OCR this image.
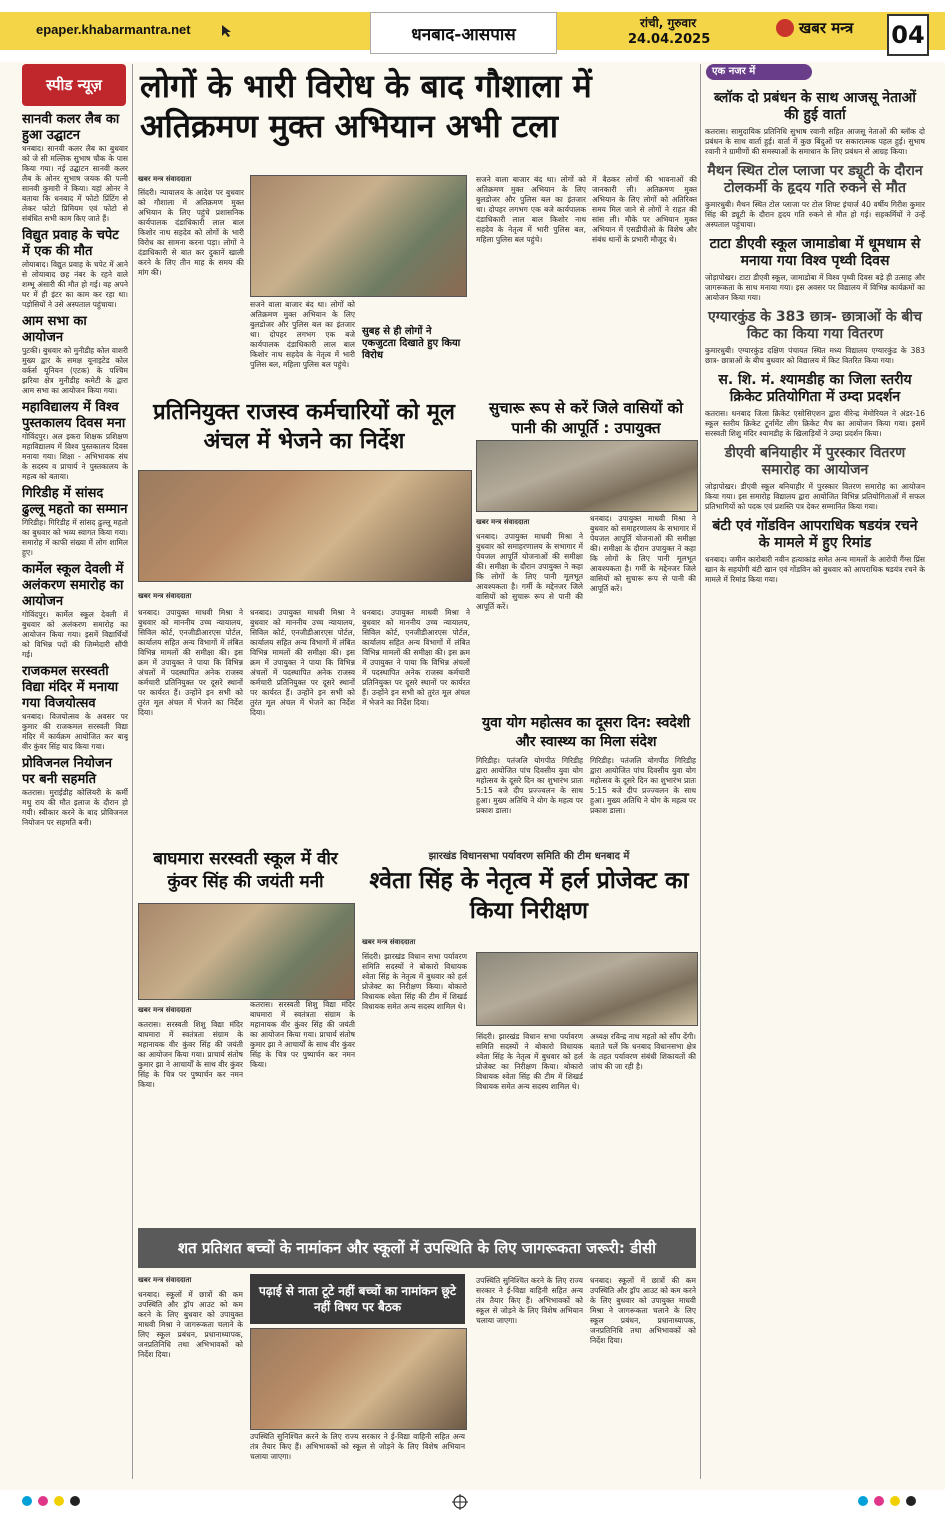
epaper.khabarmantra.net	धनबाद-आसपास
रांची, गुरुवार
24.04.2025
खबर मन्त्र 04
स्पीड न्यूज़
सानवी कलर लैब का हुआ उद्घाटन
धनबाद। सानवी कलर लैब का बुधवार को जे सी मल्लिक सुभाष चौक के पास किया गया। नई उद्घाटन सानवी कलर लैब के ओनर सुभाष जयक की पत्नी सानवी कुमारी ने किया। यहां ओनर ने बताया कि धनबाद में फोटो प्रिंटिंग से लेकर फोटो प्रिमियम एवं फोटो से संबंधित सभी काम किए जाते हैं।
विद्युत प्रवाह के चपेट में एक की मौत
लोयाबाद। विद्युत प्रवाह के चपेट में आने से लोयाबाद छह नंबर के रहने वाले शम्भू अंसारी की मौत हो गई। वह अपने घर में ही इंटर का काम कर रहा था। पड़ोसियों ने उसे अस्पताल पहुंचाया।
आम सभा का आयोजन
पुटकी। बुधवार को मुनीडीह कोल वाशरी मुख्य द्वार के समक्ष यूनाइटेड कोल वर्कर्स यूनियन (एटक) के पश्चिम झरिया क्षेत्र मुनीडीह कमेटी के द्वारा आम सभा का आयोजन किया गया।
महाविद्यालय में विश्व पुस्तकालय दिवस मना
गोविंदपुर। अल इकरा शिक्षक प्रशिक्षण महाविद्यालय में विश्व पुस्तकालय दिवस मनाया गया। शिक्षा - अभिभावक संघ के सदस्य व प्राचार्य ने पुस्तकालय के महत्व को बताया।
गिरिडीह में सांसद ढुल्लू महतो का सम्मान
गिरिडीह। गिरिडीह में सांसद ढुल्लू महतो का बुधवार को भव्य स्वागत किया गया। समारोह में काफी संख्या में लोग शामिल हुए।
कार्मेल स्कूल देवली में अलंकरण समारोह का आयोजन
गोविंदपुर। कार्मेल स्कूल देवली में बुधवार को अलंकरण समारोह का आयोजन किया गया। इसमें विद्यार्थियों को विभिन्न पदों की जिम्मेदारी सौंपी गई।
राजकमल सरस्वती विद्या मंदिर में मनाया गया विजयोत्सव
धनबाद। विजयोत्सव के अवसर पर कुमार की राजकमल सरस्वती विद्या मंदिर में कार्यक्रम आयोजित कर बाबू वीर कुंवर सिंह याद किया गया।
प्रोविजनल नियोजन पर बनी सहमति
कतरास। मुराईडीह कोलियरी के कर्मी मथु राय की मौत इलाज के दौरान हो गयी। स्वीकार करने के बाद प्रोविजनल नियोजन पर सहमति बनी।
लोगों के भारी विरोध के बाद गौशाला में अतिक्रमण मुक्त अभियान अभी टला
खबर मन्त्र संवाददाता
सिंदरी। न्यायालय के आदेश पर बुधवार को गौशाला में अतिक्रमण मुक्त अभियान के लिए पहुंचे प्रशासनिक कार्यपालक दंडाधिकारी लाल बाल किशोर नाथ सहदेव को लोगों के भारी विरोध का सामना करना पड़ा। लोगों ने दंडाधिकारी से बात कर दुकानें खाली करने के लिए तीन माह के समय की मांग की।
सजने वाला बाजार बंद था। लोगों को अतिक्रमण मुक्त अभियान के लिए बुलडोजर और पुलिस बल का इंतजार था। दोपहर लगभग एक बजे कार्यपालक दंडाधिकारी लाल बाल किशोर नाथ सहदेव के नेतृत्व में भारी पुलिस बल, महिला पुलिस बल पहुंचे।
सुबह से ही लोगों ने एकजुटता दिखाते हुए किया विरोध
सजने वाला बाजार बंद था। लोगों को अतिक्रमण मुक्त अभियान के लिए बुलडोजर और पुलिस बल का इंतजार था। दोपहर लगभग एक बजे कार्यपालक दंडाधिकारी लाल बाल किशोर नाथ सहदेव के नेतृत्व में भारी पुलिस बल, महिला पुलिस बल पहुंचे।
में बैठकर लोगों की भावनाओं की जानकारी ली। अतिक्रमण मुक्त अभियान के लिए लोगों को अतिरिक्त समय मिल जाने से लोगों ने राहत की सांस ली। मौके पर अभियान मुक्त अभियान में एसडीपीओ के विशेष और संबंध थानों के प्रभारी मौजूद थे।
प्रतिनियुक्त राजस्व कर्मचारियों को मूल अंचल में भेजने का निर्देश
खबर मन्त्र संवाददाता
धनबाद। उपायुक्त माधवी मिश्रा ने बुधवार को माननीय उच्च न्यायालय, सिविल कोर्ट, एनजीडीआरएस पोर्टल, कार्यालय सहित अन्य विभागों में लंबित विभिन्न मामलों की समीक्षा की। इस क्रम में उपायुक्त ने पाया कि विभिन्न अंचलों में पदस्थापित अनेक राजस्व कर्मचारी प्रतिनियुक्त पर दूसरे स्थानों पर कार्यरत हैं। उन्होंने इन सभी को तुरंत मूल अंचल में भेजने का निर्देश दिया।
धनबाद। उपायुक्त माधवी मिश्रा ने बुधवार को माननीय उच्च न्यायालय, सिविल कोर्ट, एनजीडीआरएस पोर्टल, कार्यालय सहित अन्य विभागों में लंबित विभिन्न मामलों की समीक्षा की। इस क्रम में उपायुक्त ने पाया कि विभिन्न अंचलों में पदस्थापित अनेक राजस्व कर्मचारी प्रतिनियुक्त पर दूसरे स्थानों पर कार्यरत हैं। उन्होंने इन सभी को तुरंत मूल अंचल में भेजने का निर्देश दिया।
धनबाद। उपायुक्त माधवी मिश्रा ने बुधवार को माननीय उच्च न्यायालय, सिविल कोर्ट, एनजीडीआरएस पोर्टल, कार्यालय सहित अन्य विभागों में लंबित विभिन्न मामलों की समीक्षा की। इस क्रम में उपायुक्त ने पाया कि विभिन्न अंचलों में पदस्थापित अनेक राजस्व कर्मचारी प्रतिनियुक्त पर दूसरे स्थानों पर कार्यरत हैं। उन्होंने इन सभी को तुरंत मूल अंचल में भेजने का निर्देश दिया।
सुचारू रूप से करें जिले वासियों को पानी की आपूर्ति : उपायुक्त
खबर मन्त्र संवाददाता
धनबाद। उपायुक्त माधवी मिश्रा ने बुधवार को समाहरणालय के सभागार में पेयजल आपूर्ति योजनाओं की समीक्षा की। समीक्षा के दौरान उपायुक्त ने कहा कि लोगों के लिए पानी मूलभूत आवश्यकता है। गर्मी के मद्देनजर जिले वासियों को सुचारू रूप से पानी की आपूर्ति करें।
धनबाद। उपायुक्त माधवी मिश्रा ने बुधवार को समाहरणालय के सभागार में पेयजल आपूर्ति योजनाओं की समीक्षा की। समीक्षा के दौरान उपायुक्त ने कहा कि लोगों के लिए पानी मूलभूत आवश्यकता है। गर्मी के मद्देनजर जिले वासियों को सुचारू रूप से पानी की आपूर्ति करें।
युवा योग महोत्सव का दूसरा दिन: स्वदेशी और स्वास्थ्य का मिला संदेश
गिरिडीह। पतंजलि योगपीठ गिरिडीह द्वारा आयोजित पांच दिवसीय युवा योग महोत्सव के दूसरे दिन का शुभारंभ प्रातः 5:15 बजे दीप प्रज्ज्वलन के साथ हुआ। मुख्य अतिथि ने योग के महत्व पर प्रकाश डाला।
गिरिडीह। पतंजलि योगपीठ गिरिडीह द्वारा आयोजित पांच दिवसीय युवा योग महोत्सव के दूसरे दिन का शुभारंभ प्रातः 5:15 बजे दीप प्रज्ज्वलन के साथ हुआ। मुख्य अतिथि ने योग के महत्व पर प्रकाश डाला।
बाघमारा सरस्वती स्कूल में वीर कुंवर सिंह की जयंती मनी
खबर मन्त्र संवाददाता
कतरास। सरस्वती शिशु विद्या मंदिर बाघमारा में स्वतंत्रता संग्राम के महानायक वीर कुंवर सिंह की जयंती का आयोजन किया गया। प्राचार्य संतोष कुमार झा ने आचार्यों के साथ वीर कुंवर सिंह के चित्र पर पुष्पार्चन कर नमन किया।
कतरास। सरस्वती शिशु विद्या मंदिर बाघमारा में स्वतंत्रता संग्राम के महानायक वीर कुंवर सिंह की जयंती का आयोजन किया गया। प्राचार्य संतोष कुमार झा ने आचार्यों के साथ वीर कुंवर सिंह के चित्र पर पुष्पार्चन कर नमन किया।
झारखंड विधानसभा पर्यावरण समिति की टीम धनबाद में
श्वेता सिंह के नेतृत्व में हर्ल प्रोजेक्ट का किया निरीक्षण
खबर मन्त्र संवाददाता
सिंदरी। झारखंड विधान सभा पर्यावरण समिति सदस्यों ने बोकारो विधायक श्वेता सिंह के नेतृत्व में बुधवार को हर्ल प्रोजेक्ट का निरीक्षण किया। बोकारो विधायक श्वेता सिंह की टीम में शिखर्ड विधायक समेत अन्य सदस्य शामिल थे।
सिंदरी। झारखंड विधान सभा पर्यावरण समिति सदस्यों ने बोकारो विधायक श्वेता सिंह के नेतृत्व में बुधवार को हर्ल प्रोजेक्ट का निरीक्षण किया। बोकारो विधायक श्वेता सिंह की टीम में शिखर्ड विधायक समेत अन्य सदस्य शामिल थे।
अध्यक्ष रविन्द्र नाथ महतो को सौंप देंगी। बताते चलें कि धनबाद विधानसभा क्षेत्र के तहत पर्यावरण संबंधी शिकायतों की जांच की जा रही है।
शत प्रतिशत बच्चों के नामांकन और स्कूलों में उपस्थिति के लिए जागरूकता जरूरी: डीसी
खबर मन्त्र संवाददाता
धनबाद। स्कूलों में छात्रों की कम उपस्थिति और ड्रॉप आउट को कम करने के लिए बुधवार को उपायुक्त माधवी मिश्रा ने जागरूकता चलाने के लिए स्कूल प्रबंधन, प्रधानाध्यापक, जनप्रतिनिधि तथा अभिभावकों को निर्देश दिया।
पढ़ाई से नाता टूटे नहीं बच्चों का नामांकन छूटे नहीं विषय पर बैठक
उपस्थिति सुनिश्चित करने के लिए राज्य सरकार ने ई-विद्या वाहिनी सहित अन्य तंत्र तैयार किए हैं। अभिभावकों को स्कूल से जोड़ने के लिए विशेष अभियान चलाया जाएगा।
उपस्थिति सुनिश्चित करने के लिए राज्य सरकार ने ई-विद्या वाहिनी सहित अन्य तंत्र तैयार किए हैं। अभिभावकों को स्कूल से जोड़ने के लिए विशेष अभियान चलाया जाएगा।
धनबाद। स्कूलों में छात्रों की कम उपस्थिति और ड्रॉप आउट को कम करने के लिए बुधवार को उपायुक्त माधवी मिश्रा ने जागरूकता चलाने के लिए स्कूल प्रबंधन, प्रधानाध्यापक, जनप्रतिनिधि तथा अभिभावकों को निर्देश दिया।
एक नजर में
ब्लॉक दो प्रबंधन के साथ आजसू नेताओं की हुई वार्ता
कतरास। सामुदायिक प्रतिनिधि सुभाष रवानी सहित आजसू नेताओं की ब्लॉक दो प्रबंधन के साथ वार्ता हुई। वार्ता में कुछ बिंदुओं पर सकारात्मक पहल हुई। सुभाष रवानी ने ग्रामीणों की समस्याओं के समाधान के लिए प्रबंधन से आग्रह किया।
मैथन स्थित टोल प्लाजा पर ड्यूटी के दौरान टोलकर्मी के हृदय गति रुकने से मौत
कुमारधुबी। मैथन स्थित टोल प्लाजा पर टोल शिफ्ट इंचार्ज 40 वर्षीय गिरीश कुमार सिंह की ड्यूटी के दौरान हृदय गति रुकने से मौत हो गई। सहकर्मियों ने उन्हें अस्पताल पहुंचाया।
टाटा डीएवी स्कूल जामाडोबा में धूमधाम से मनाया गया विश्व पृथ्वी दिवस
जोड़ापोखर। टाटा डीएवी स्कूल, जामाडोबा में विश्व पृथ्वी दिवस बड़े ही उत्साह और जागरूकता के साथ मनाया गया। इस अवसर पर विद्यालय में विभिन्न कार्यक्रमों का आयोजन किया गया।
एग्यारकुंड के 383 छात्र- छात्राओं के बीच किट का किया गया वितरण
कुमारधुबी। एग्यारकुंड दक्षिण पंचायत स्थित मध्य विद्यालय एग्यारकुंड के 383 छात्र- छात्राओं के बीच बुधवार को विद्यालय में किट वितरित किया गया।
स. शि. मं. श्यामडीह का जिला स्तरीय क्रिकेट प्रतियोगिता में उम्दा प्रदर्शन
कतरास। धनबाद जिला क्रिकेट एसोसिएशन द्वारा वीरेन्द्र मेमोरियल ने अंडर-16 स्कूल स्तरीय क्रिकेट टूर्नामेंट लीग क्रिकेट मैच का आयोजन किया गया। इसमें सरस्वती शिशु मंदिर श्यामडीह के खिलाड़ियों ने उम्दा प्रदर्शन किया।
डीएवी बनियाहीर में पुरस्कार वितरण समारोह का आयोजन
जोड़ापोखर। डीएवी स्कूल बनियाहीर में पुरस्कार वितरण समारोह का आयोजन किया गया। इस समारोह विद्यालय द्वारा आयोजित विभिन्न प्रतियोगिताओं में सफल प्रतिभागियों को पदक एवं प्रशस्ति पत्र देकर सम्मानित किया गया।
बंटी एवं गोंडविन आपराधिक षडयंत्र रचने के मामले में हुए रिमांड
धनबाद। जमीन कारोबारी नवीन हत्याकांड समेत अन्य मामलों के आरोपी गैंग्स प्रिंस खान के सहयोगी बंटी खान एवं गोंडविन को बुधवार को आपराधिक षडयंत्र रचने के मामले में रिमांड किया गया।
